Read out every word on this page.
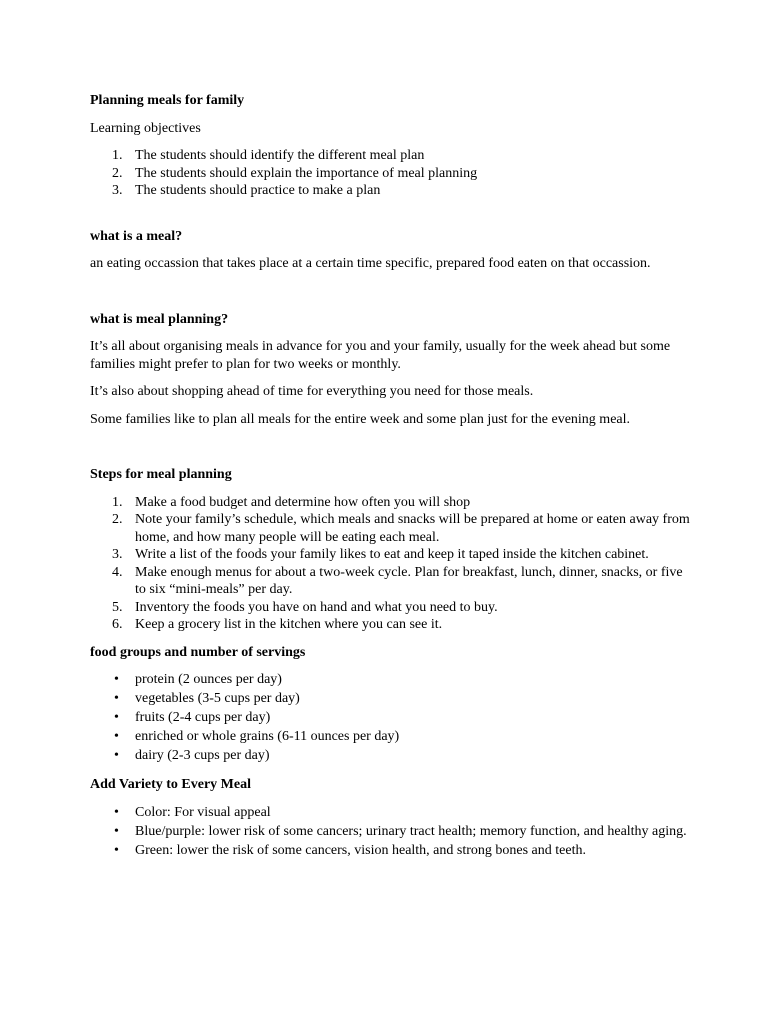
Planning meals for family
Learning objectives
1. The students should identify the different meal plan
2. The students should explain the importance of meal planning
3. The students should practice to make a plan
what is a meal?
an eating occassion that takes place at a certain time specific, prepared food eaten on that occassion.
what is meal planning?
It’s all about organising meals in advance for you and your family, usually for the week ahead but some families might prefer to plan for two weeks or monthly.
It’s also about shopping ahead of time for everything you need for those meals.
Some families like to plan all meals for the entire week and some plan just for the evening meal.
Steps for meal planning
1. Make a food budget and determine how often you will shop
2. Note your family’s schedule, which meals and snacks will be prepared at home or eaten away from home, and how many people will be eating each meal.
3. Write a list of the foods your family likes to eat and keep it taped inside the kitchen cabinet.
4. Make enough menus for about a two-week cycle. Plan for breakfast, lunch, dinner, snacks, or five to six “mini-meals” per day.
5. Inventory the foods you have on hand and what you need to buy.
6. Keep a grocery list in the kitchen where you can see it.
food groups and number of servings
• protein (2 ounces per day)
• vegetables (3-5 cups per day)
• fruits (2-4 cups per day)
• enriched or whole grains (6-11 ounces per day)
• dairy (2-3 cups per day)
Add Variety to Every Meal
• Color: For visual appeal
• Blue/purple: lower risk of some cancers; urinary tract health; memory function, and healthy aging.
• Green: lower the risk of some cancers, vision health, and strong bones and teeth.
